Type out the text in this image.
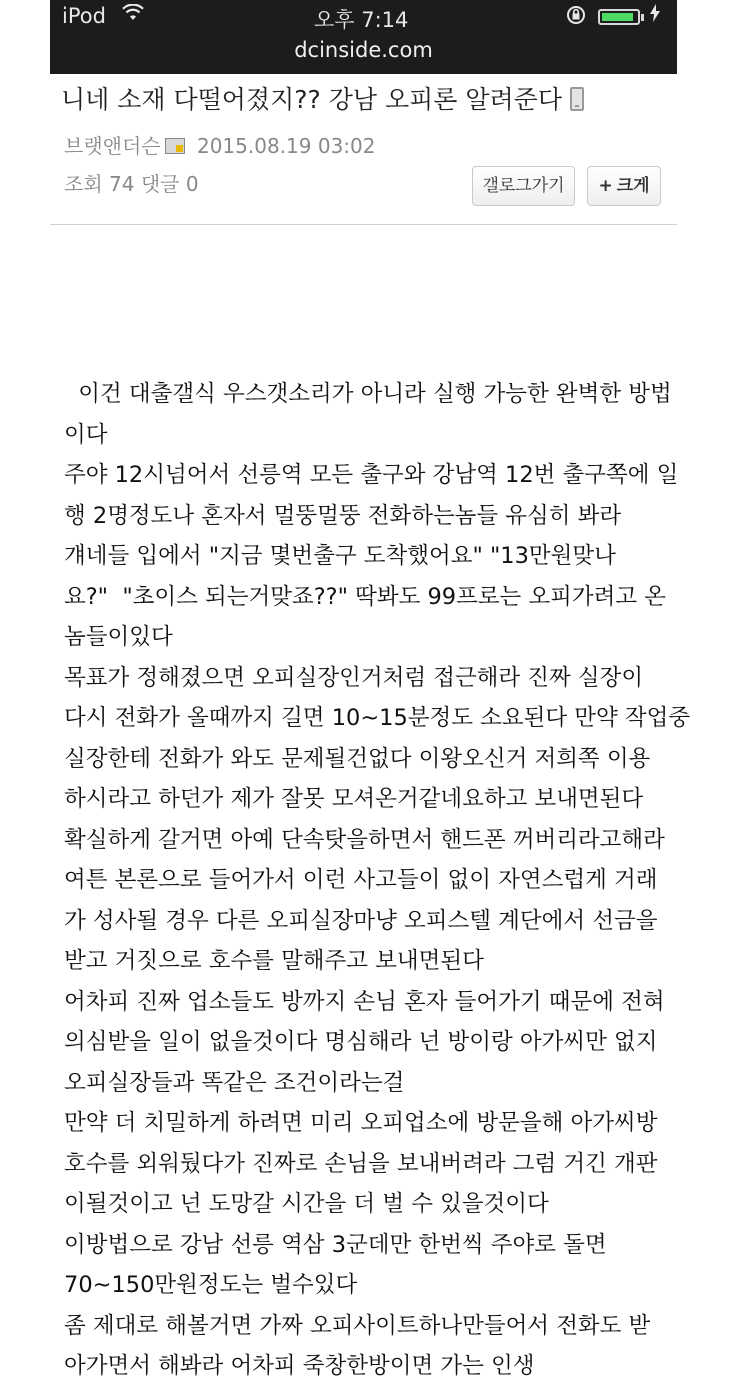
iPod	오후 7:14
dcinside.com
니네 소재 다떨어졌지?? 강남 오피론 알려준다
브랫앤더슨 2015.08.19 03:02
조회 74 댓글 0	갤로그가기	+ 크게
이건 대출갤식 우스갯소리가 아니라 실행 가능한 완벽한 방법
이다
주야 12시넘어서 선릉역 모든 출구와 강남역 12번 출구쪽에 일
행 2명정도나 혼자서 멀뚱멀뚱 전화하는놈들 유심히 봐라
걔네들 입에서 "지금 몇번출구 도착했어요" "13만원맞나
요?"  "초이스 되는거맞죠??" 딱봐도 99프로는 오피가려고 온
놈들이있다
목표가 정해졌으면 오피실장인거처럼 접근해라 진짜 실장이
다시 전화가 올때까지 길면 10~15분정도 소요된다 만약 작업중
실장한테 전화가 와도 문제될건없다 이왕오신거 저희쪽 이용
하시라고 하던가 제가 잘못 모셔온거같네요하고 보내면된다
확실하게 갈거면 아예 단속탓을하면서 핸드폰 꺼버리라고해라
여튼 본론으로 들어가서 이런 사고들이 없이 자연스럽게 거래
가 성사될 경우 다른 오피실장마냥 오피스텔 계단에서 선금을
받고 거짓으로 호수를 말해주고 보내면된다
어차피 진짜 업소들도 방까지 손님 혼자 들어가기 때문에 전혀
의심받을 일이 없을것이다 명심해라 넌 방이랑 아가씨만 없지
오피실장들과 똑같은 조건이라는걸
만약 더 치밀하게 하려면 미리 오피업소에 방문을해 아가씨방
호수를 외워뒀다가 진짜로 손님을 보내버려라 그럼 거긴 개판
이될것이고 넌 도망갈 시간을 더 벌 수 있을것이다
이방법으로 강남 선릉 역삼 3군데만 한번씩 주야로 돌면
70~150만원정도는 벌수있다
좀 제대로 해볼거면 가짜 오피사이트하나만들어서 전화도 받
아가면서 해봐라 어차피 죽창한방이면 가는 인생
